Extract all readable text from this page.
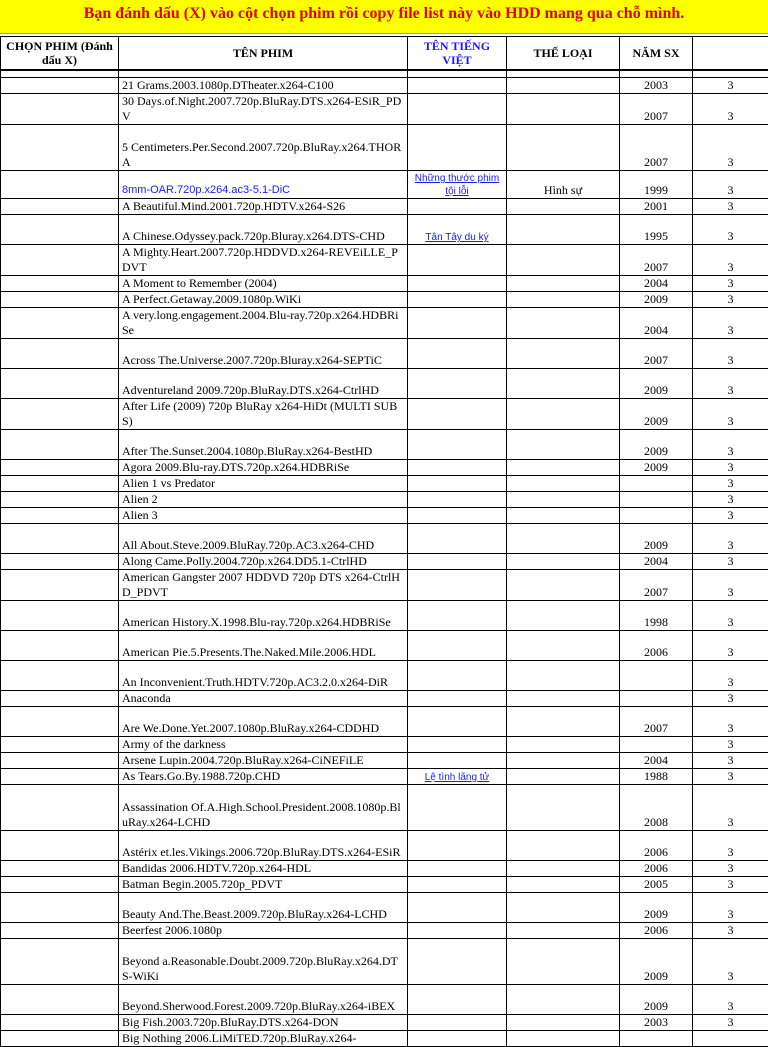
Bạn đánh dấu (X) vào cột chọn phim rồi copy file list này vào HDD mang qua chỗ mình.
CHỌN PHIM (Đánh dấu X)	TÊN PHIM	TÊN TIẾNG VIỆT	THỂ LOẠI	NĂM SX	

	21 Grams.2003.1080p.DTheater.x264-C100			2003	3
	30 Days.of.Night.2007.720p.BluRay.DTS.x264-ESiR_PDV			2007	3
	5 Centimeters.Per.Second.2007.720p.BluRay.x264.THORA			2007	3
	8mm-OAR.720p.x264.ac3-5.1-DiC	Những thước phim tội lỗi	Hình sự	1999	3
	A Beautiful.Mind.2001.720p.HDTV.x264-S26			2001	3
	A Chinese.Odyssey.pack.720p.Bluray.x264.DTS-CHD	Tân Tây du ký		1995	3
	A Mighty.Heart.2007.720p.HDDVD.x264-REVEiLLE_PDVT			2007	3
	A Moment to Remember (2004)			2004	3
	A Perfect.Getaway.2009.1080p.WiKi			2009	3
	A very.long.engagement.2004.Blu-ray.720p.x264.HDBRiSe			2004	3
	Across The.Universe.2007.720p.Bluray.x264-SEPTiC			2007	3
	Adventureland 2009.720p.BluRay.DTS.x264-CtrlHD			2009	3
	After Life (2009) 720p BluRay x264-HiDt (MULTI SUBS)			2009	3
	After The.Sunset.2004.1080p.BluRay.x264-BestHD			2009	3
	Agora 2009.Blu-ray.DTS.720p.x264.HDBRiSe			2009	3
	Alien 1 vs Predator				3
	Alien 2				3
	Alien 3				3
	All About.Steve.2009.BluRay.720p.AC3.x264-CHD			2009	3
	Along Came.Polly.2004.720p.x264.DD5.1-CtrlHD			2004	3
	American Gangster 2007 HDDVD 720p DTS x264-CtrlHD_PDVT			2007	3
	American History.X.1998.Blu-ray.720p.x264.HDBRiSe			1998	3
	American Pie.5.Presents.The.Naked.Mile.2006.HDL			2006	3
	An Inconvenient.Truth.HDTV.720p.AC3.2.0.x264-DiR				3
	Anaconda				3
	Are We.Done.Yet.2007.1080p.BluRay.x264-CDDHD			2007	3
	Army of the darkness				3
	Arsene Lupin.2004.720p.BluRay.x264-CiNEFiLE			2004	3
	As Tears.Go.By.1988.720p.CHD	Lệ tình lãng tử		1988	3
	Assassination Of.A.High.School.President.2008.1080p.BluRay.x264-LCHD			2008	3
	Astérix et.les.Vikings.2006.720p.BluRay.DTS.x264-ESiR			2006	3
	Bandidas 2006.HDTV.720p.x264-HDL			2006	3
	Batman Begin.2005.720p_PDVT			2005	3
	Beauty And.The.Beast.2009.720p.BluRay.x264-LCHD			2009	3
	Beerfest 2006.1080p			2006	3
	Beyond a.Reasonable.Doubt.2009.720p.BluRay.x264.DTS-WiKi			2009	3
	Beyond.Sherwood.Forest.2009.720p.BluRay.x264-iBEX			2009	3
	Big Fish.2003.720p.BluRay.DTS.x264-DON			2003	3
	Big Nothing 2006.LiMiTED.720p.BluRay.x264-				
